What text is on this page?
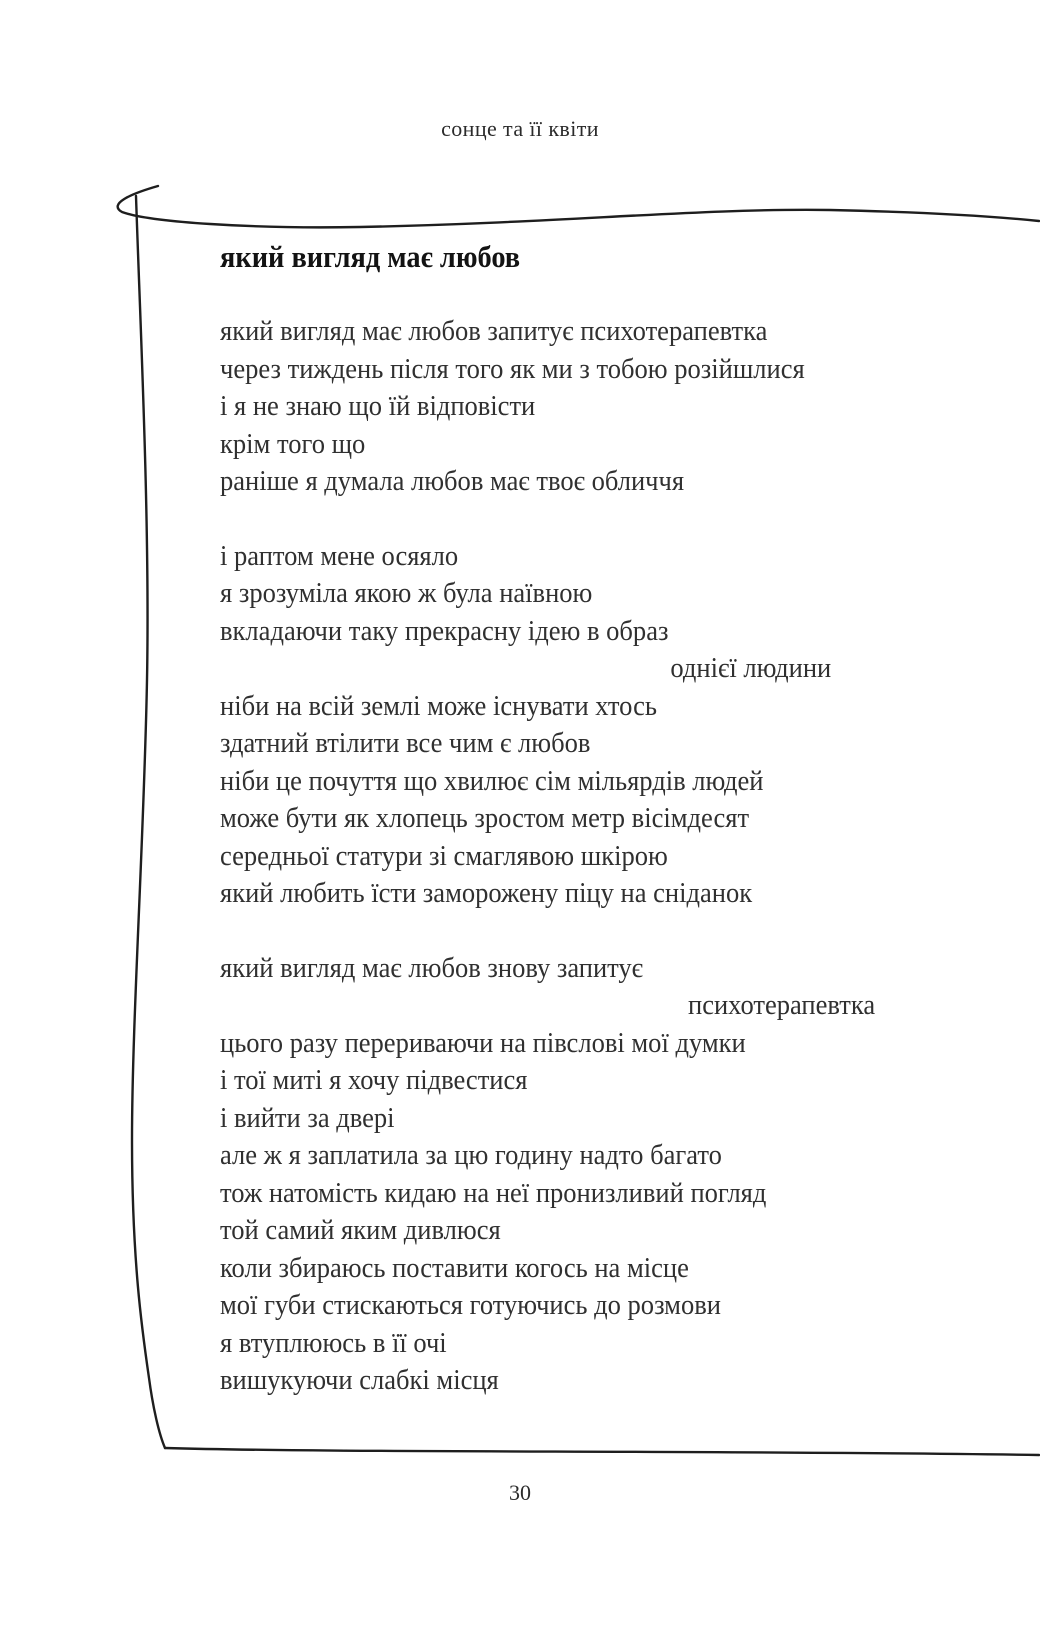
сонце та її квіти
який вигляд має любов
який вигляд має любов запитує психотерапевтка
через тиждень після того як ми з тобою розійшлися
і я не знаю що їй відповісти
крім того що
раніше я думала любов має твоє обличчя
і раптом мене осяяло
я зрозуміла якою ж була наївною
вкладаючи таку прекрасну ідею в образ
однієї людини
ніби на всій землі може існувати хтось
здатний втілити все чим є любов
ніби це почуття що хвилює сім мільярдів людей
може бути як хлопець зростом метр вісімдесят
середньої статури зі смаглявою шкірою
який любить їсти заморожену піцу на сніданок
який вигляд має любов знову запитує
психотерапевтка
цього разу перериваючи на півслові мої думки
і тої миті я хочу підвестися
і вийти за двері
але ж я заплатила за цю годину надто багато
тож натомість кидаю на неї пронизливий погляд
той самий яким дивлюся
коли збираюсь поставити когось на місце
мої губи стискаються готуючись до розмови
я втуплююсь в її очі
вишукуючи слабкі місця
30
